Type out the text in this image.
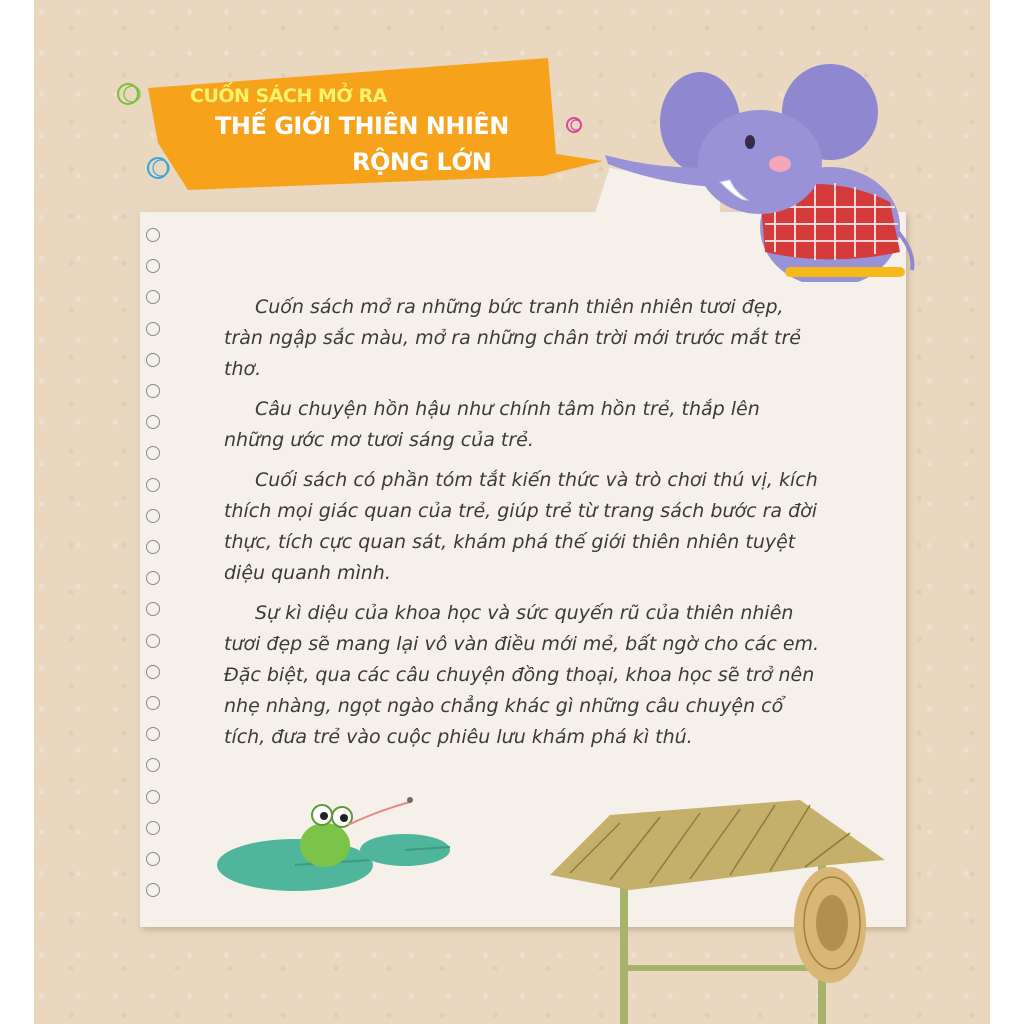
CUỐN SÁCH MỞ RA
THẾ GIỚI THIÊN NHIÊN
RỘNG LỚN

Cuốn sách mở ra những bức tranh thiên nhiên tươi đẹp, tràn ngập sắc màu, mở ra những chân trời mới trước mắt trẻ thơ.

Câu chuyện hồn hậu như chính tâm hồn trẻ, thắp lên những ước mơ tươi sáng của trẻ.

Cuối sách có phần tóm tắt kiến thức và trò chơi thú vị, kích thích mọi giác quan của trẻ, giúp trẻ từ trang sách bước ra đời thực, tích cực quan sát, khám phá thế giới thiên nhiên tuyệt diệu quanh mình.

Sự kì diệu của khoa học và sức quyến rũ của thiên nhiên tươi đẹp sẽ mang lại vô vàn điều mới mẻ, bất ngờ cho các em. Đặc biệt, qua các câu chuyện đồng thoại, khoa học sẽ trở nên nhẹ nhàng, ngọt ngào chẳng khác gì những câu chuyện cổ tích, đưa trẻ vào cuộc phiêu lưu khám phá kì thú.
